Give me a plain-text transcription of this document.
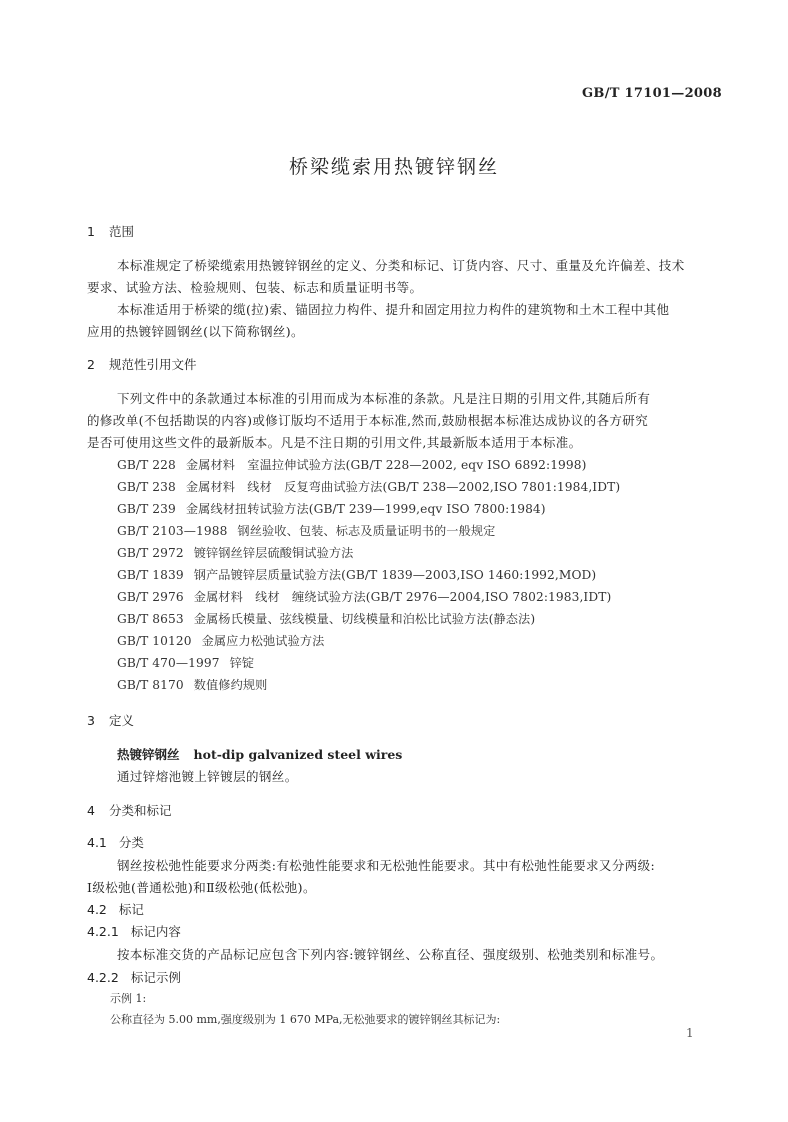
GB/T 17101—2008
桥梁缆索用热镀锌钢丝
1 范围
本标准规定了桥梁缆索用热镀锌钢丝的定义、分类和标记、订货内容、尺寸、重量及允许偏差、技术
要求、试验方法、检验规则、包装、标志和质量证明书等。
本标准适用于桥梁的缆(拉)索、锚固拉力构件、提升和固定用拉力构件的建筑物和土木工程中其他
应用的热镀锌圆钢丝(以下简称钢丝)。
2 规范性引用文件
下列文件中的条款通过本标准的引用而成为本标准的条款。凡是注日期的引用文件,其随后所有
的修改单(不包括勘误的内容)或修订版均不适用于本标准,然而,鼓励根据本标准达成协议的各方研究
是否可使用这些文件的最新版本。凡是不注日期的引用文件,其最新版本适用于本标准。
GB/T 228 金属材料　室温拉伸试验方法(GB/T 228—2002, eqv ISO 6892:1998)
GB/T 238 金属材料　线材　反复弯曲试验方法(GB/T 238—2002,ISO 7801:1984,IDT)
GB/T 239 金属线材扭转试验方法(GB/T 239—1999,eqv ISO 7800:1984)
GB/T 2103—1988 钢丝验收、包装、标志及质量证明书的一般规定
GB/T 2972 镀锌钢丝锌层硫酸铜试验方法
GB/T 1839 钢产品镀锌层质量试验方法(GB/T 1839—2003,ISO 1460:1992,MOD)
GB/T 2976 金属材料　线材　缠绕试验方法(GB/T 2976—2004,ISO 7802:1983,IDT)
GB/T 8653 金属杨氏模量、弦线模量、切线模量和泊松比试验方法(静态法)
GB/T 10120 金属应力松弛试验方法
GB/T 470—1997 锌锭
GB/T 8170 数值修约规则
3 定义
热镀锌钢丝 hot-dip galvanized steel wires
通过锌熔池镀上锌镀层的钢丝。
4 分类和标记
4.1 分类
钢丝按松弛性能要求分两类:有松弛性能要求和无松弛性能要求。其中有松弛性能要求又分两级:
Ⅰ级松弛(普通松弛)和Ⅱ级松弛(低松弛)。
4.2 标记
4.2.1 标记内容
按本标准交货的产品标记应包含下列内容:镀锌钢丝、公称直径、强度级别、松弛类别和标准号。
4.2.2 标记示例
示例 1:
公称直径为 5.00 mm,强度级别为 1 670 MPa,无松弛要求的镀锌钢丝其标记为:
1
